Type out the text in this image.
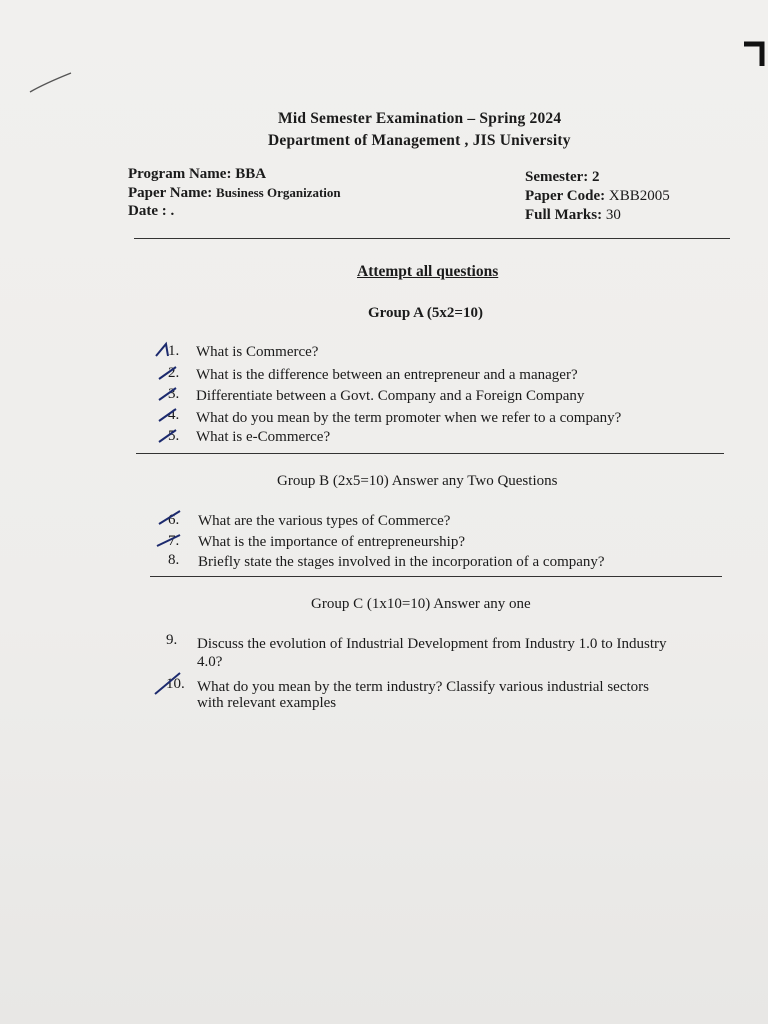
Mid Semester Examination – Spring 2024
Department of Management , JIS University
Program Name: BBA
Paper Name: Business Organization
Date : .
Semester: 2
Paper Code: XBB2005
Full Marks: 30
Attempt all questions
Group A (5x2=10)
1. What is Commerce?
2. What is the difference between an entrepreneur and a manager?
3. Differentiate between a Govt. Company and a Foreign Company
4. What do you mean by the term promoter when we refer to a company?
5. What is e-Commerce?
Group B (2x5=10) Answer any Two Questions
6. What are the various types of Commerce?
7. What is the importance of entrepreneurship?
8. Briefly state the stages involved in the incorporation of a company?
Group C (1x10=10) Answer any one
9. Discuss the evolution of Industrial Development from Industry 1.0 to Industry
4.0?
10. What do you mean by the term industry? Classify various industrial sectors
with relevant examples
